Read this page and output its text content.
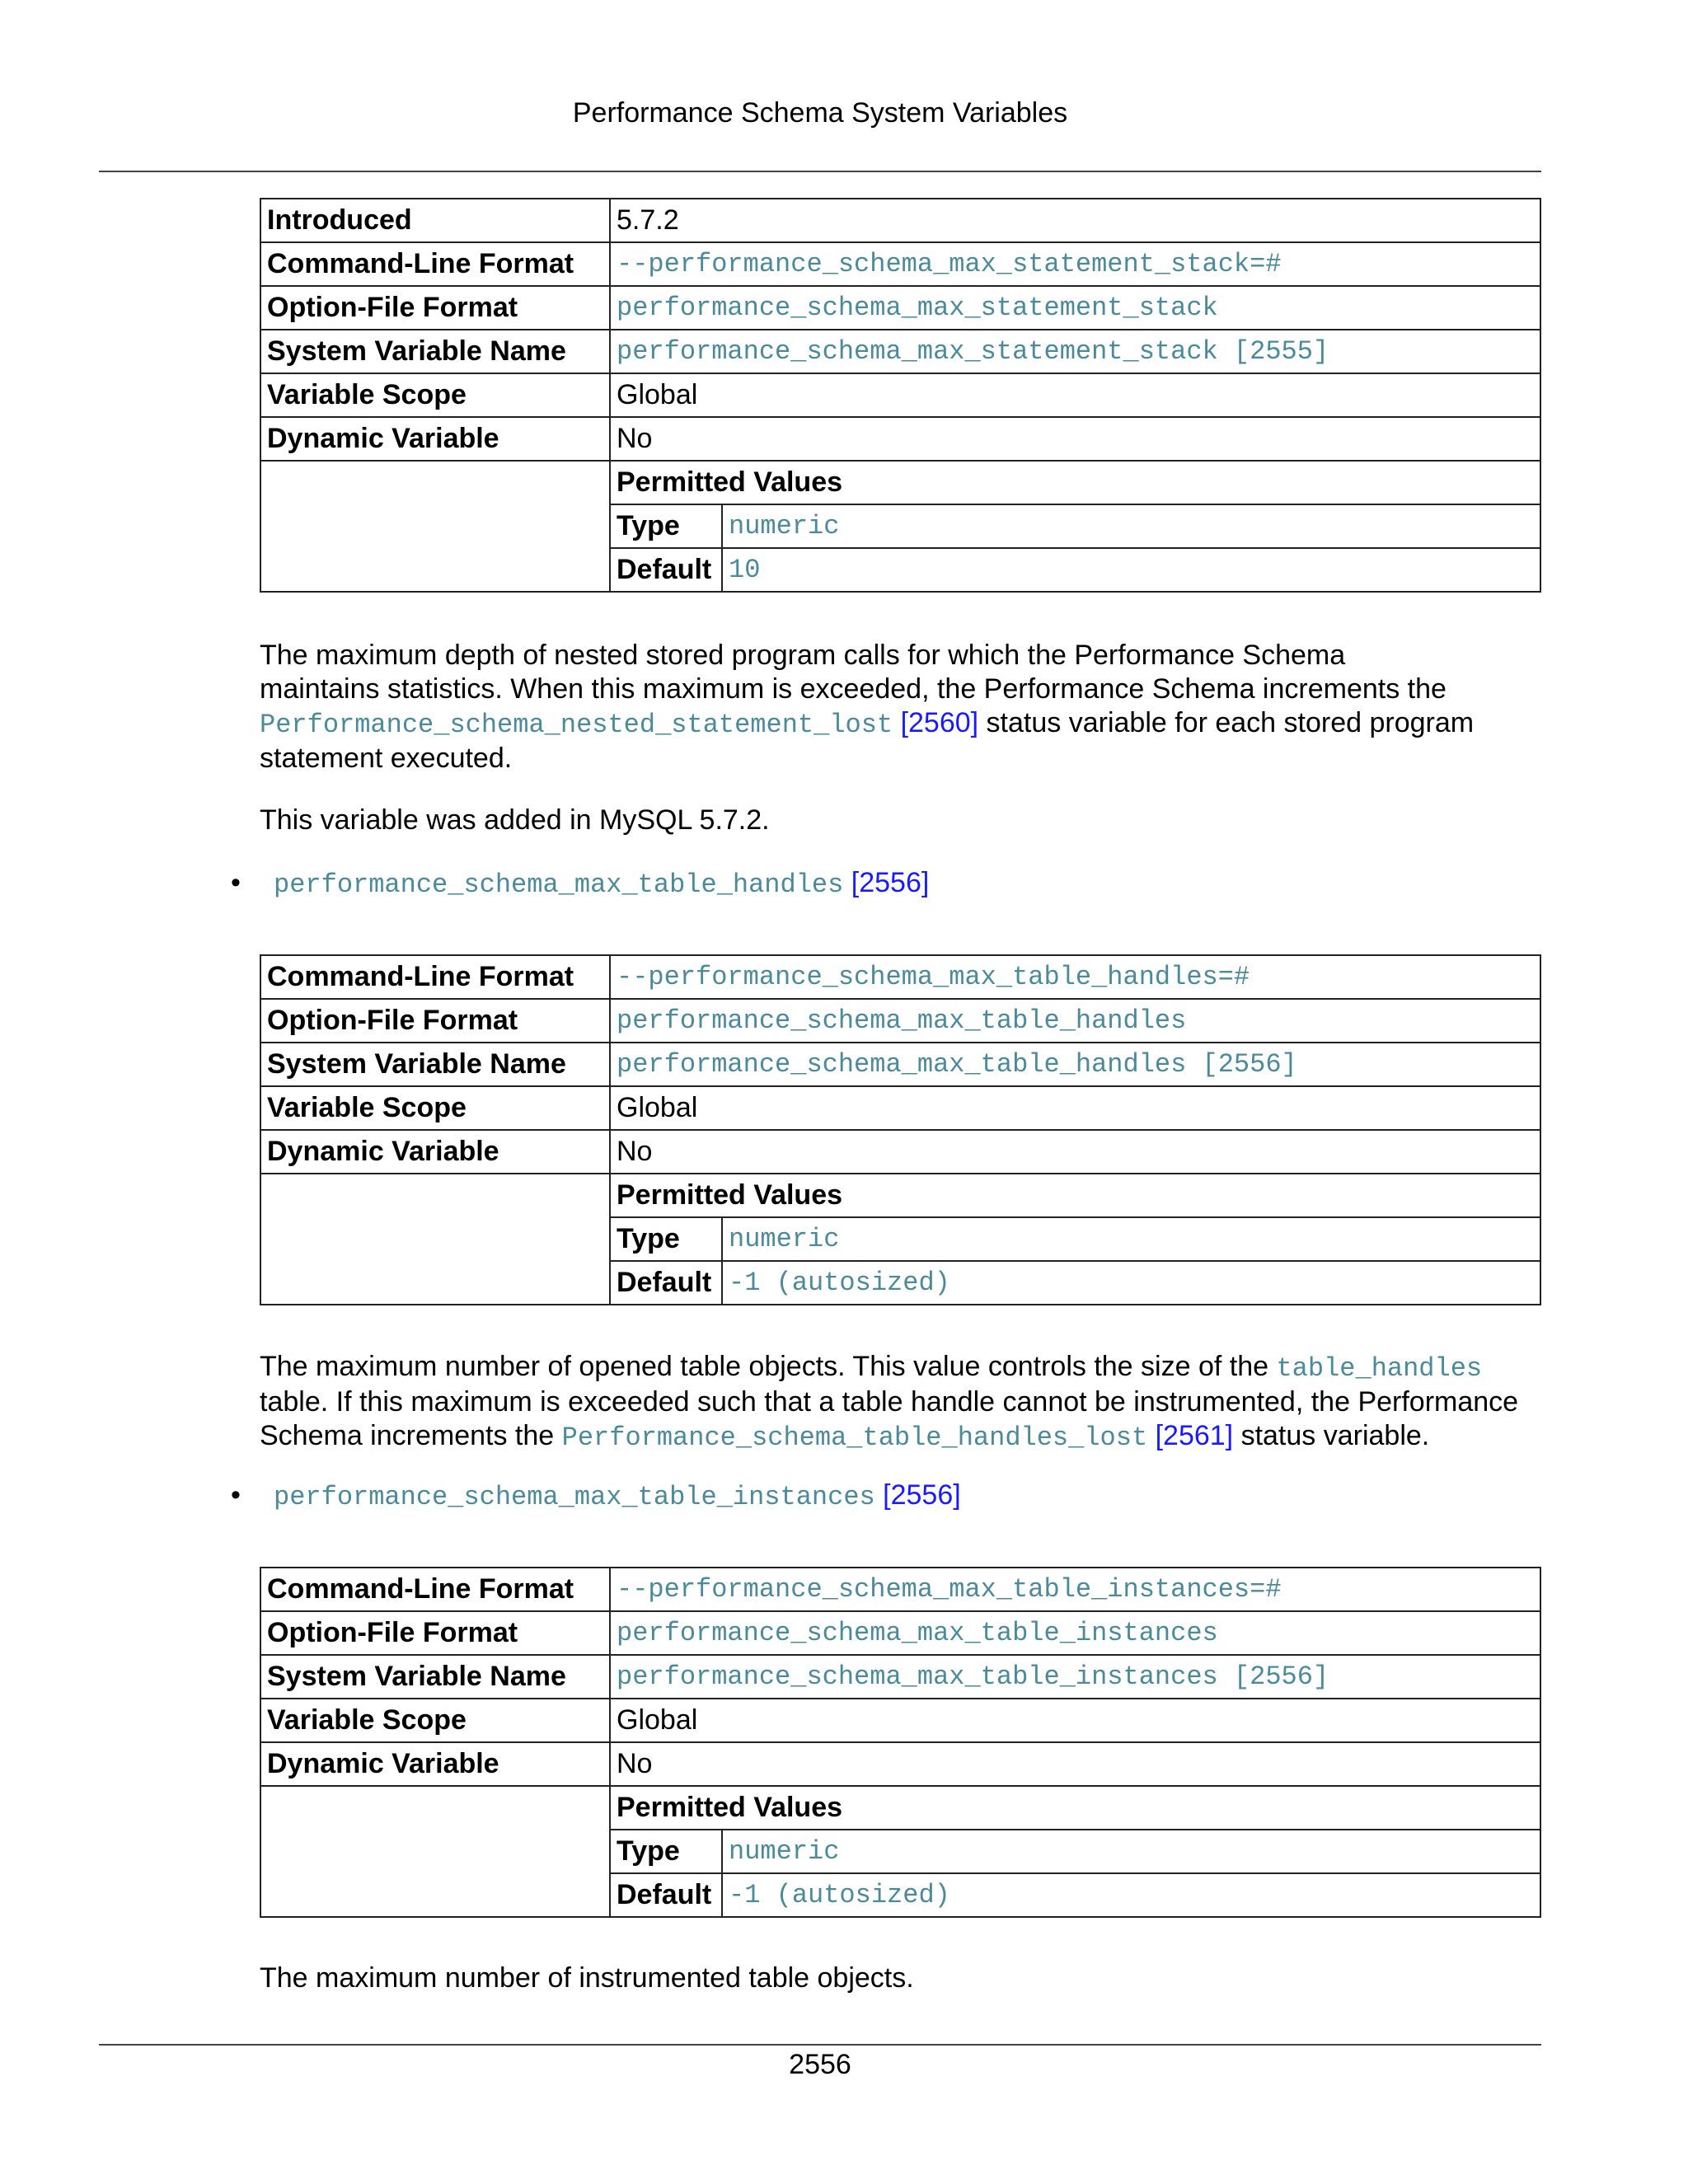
Performance Schema System Variables
Introduced	5.7.2	
Command-Line Format	--performance_schema_max_statement_stack=#	
Option-File Format	performance_schema_max_statement_stack	
System Variable Name	performance_schema_max_statement_stack [2555]	
Variable Scope	Global	
Dynamic Variable	No	
	Permitted Values	
	Type	numeric
	Default	10
The maximum depth of nested stored program calls for which the Performance Schema
maintains statistics. When this maximum is exceeded, the Performance Schema increments the
Performance_schema_nested_statement_lost [2560] status variable for each stored program
statement executed.
This variable was added in MySQL 5.7.2.
• performance_schema_max_table_handles [2556]
Command-Line Format	--performance_schema_max_table_handles=#	
Option-File Format	performance_schema_max_table_handles	
System Variable Name	performance_schema_max_table_handles [2556]	
Variable Scope	Global	
Dynamic Variable	No	
	Permitted Values	
	Type	numeric
	Default	-1 (autosized)
The maximum number of opened table objects. This value controls the size of the table_handles
table. If this maximum is exceeded such that a table handle cannot be instrumented, the Performance
Schema increments the Performance_schema_table_handles_lost [2561] status variable.
• performance_schema_max_table_instances [2556]
Command-Line Format	--performance_schema_max_table_instances=#	
Option-File Format	performance_schema_max_table_instances	
System Variable Name	performance_schema_max_table_instances [2556]	
Variable Scope	Global	
Dynamic Variable	No	
	Permitted Values	
	Type	numeric
	Default	-1 (autosized)
The maximum number of instrumented table objects.
2556
